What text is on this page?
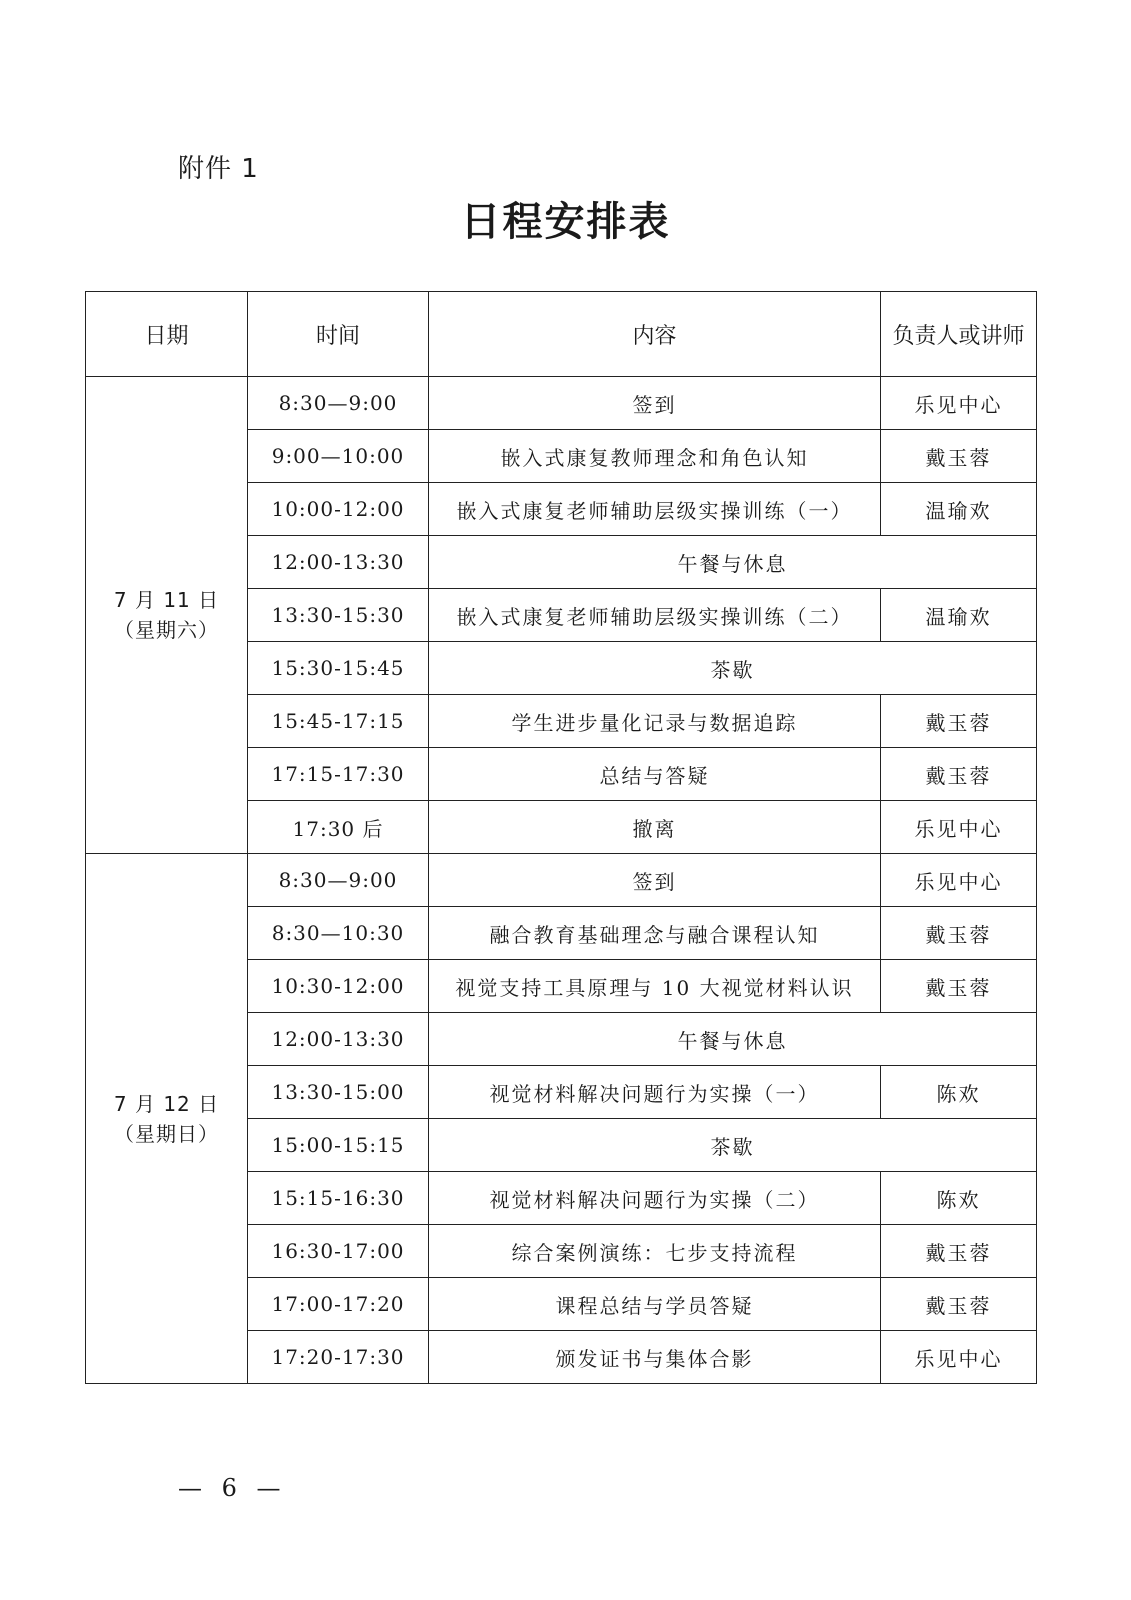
附件 1
日程安排表
日期	时间	内容	负责人或讲师

7 月 11 日
（星期六）	8:30—9:00	签到	乐见中心
	9:00—10:00	嵌入式康复教师理念和角色认知	戴玉蓉
	10:00-12:00	嵌入式康复老师辅助层级实操训练（一）	温瑜欢
	12:00-13:30	午餐与休息	
	13:30-15:30	嵌入式康复老师辅助层级实操训练（二）	温瑜欢
	15:30-15:45	茶歇	
	15:45-17:15	学生进步量化记录与数据追踪	戴玉蓉
	17:15-17:30	总结与答疑	戴玉蓉
	17:30 后	撤离	乐见中心

7 月 12 日
（星期日）	8:30—9:00	签到	乐见中心
	8:30—10:30	融合教育基础理念与融合课程认知	戴玉蓉
	10:30-12:00	视觉支持工具原理与 10 大视觉材料认识	戴玉蓉
	12:00-13:30	午餐与休息	
	13:30-15:00	视觉材料解决问题行为实操（一）	陈欢
	15:00-15:15	茶歇	
	15:15-16:30	视觉材料解决问题行为实操（二）	陈欢
	16:30-17:00	综合案例演练：七步支持流程	戴玉蓉
	17:00-17:20	课程总结与学员答疑	戴玉蓉
	17:20-17:30	颁发证书与集体合影	乐见中心
— 6 —
